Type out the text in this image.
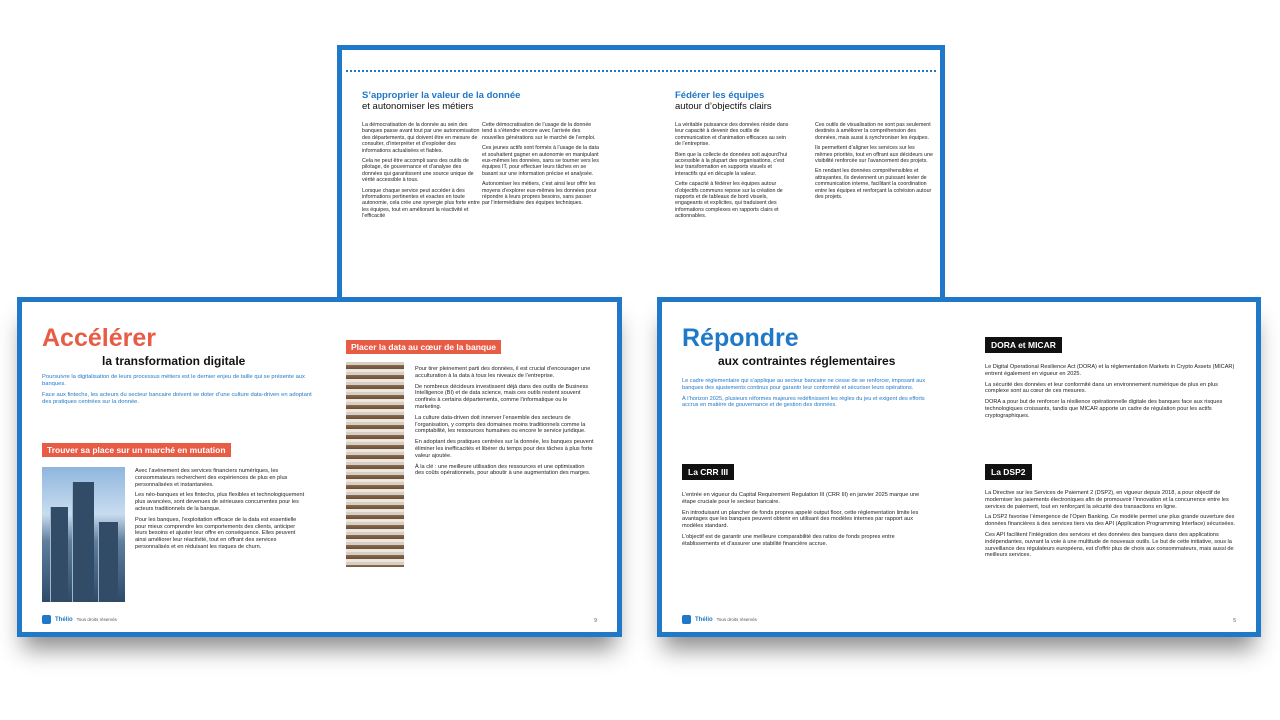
S’approprier la valeur de la donnée
et autonomiser les métiers

La démocratisation de la donnée au sein des banques passe avant tout par une autonomisation des départements, qui doivent être en mesure de consulter, d’interpréter et d’exploiter des informations actualisées et fiables.

Cela ne peut être accompli sans des outils de pilotage, de gouvernance et d’analyse des données qui garantissent une source unique de vérité accessible à tous.

Lorsque chaque service peut accéder à des informations pertinentes et exactes en toute autonomie, cela crée une synergie plus forte entre les équipes, tout en améliorant la réactivité et l’efficacité

Cette démocratisation de l’usage de la donnée tend à s’étendre encore avec l’arrivée des nouvelles générations sur le marché de l’emploi.

Ces jeunes actifs sont formés à l’usage de la data et souhaitent gagner en autonomie en manipulant eux-mêmes les données, sans se tourner vers les équipes IT, pour effectuer leurs tâches en se basant sur une information précise et analysée.

Autonomiser les métiers, c’est ainsi leur offrir les moyens d’explorer eux-mêmes les données pour répondre à leurs propres besoins, sans passer par l’intermédiaire des équipes techniques.

Fédérer les équipes
autour d’objectifs clairs

La véritable puissance des données réside dans leur capacité à devenir des outils de communication et d’animation efficaces au sein de l’entreprise.

Bien que la collecte de données soit aujourd’hui accessible à la plupart des organisations, c’est leur transformation en supports visuels et interactifs qui en décuple la valeur.

Cette capacité à fédérer les équipes autour d’objectifs communs repose sur la création de rapports et de tableaux de bord visuels, engageants et explicites, qui traduisent des informations complexes en rapports clairs et actionnables.

Ces outils de visualisation ne sont pas seulement destinés à améliorer la compréhension des données, mais aussi à synchroniser les équipes.

Ils permettent d’aligner les services sur les mêmes priorités, tout en offrant aux décideurs une visibilité renforcée sur l’avancement des projets.

En rendant les données compréhensibles et attrayantes, ils deviennent un puissant levier de communication interne, facilitant la coordination entre les équipes et renforçant la cohésion autour des projets.

Accélérer
la transformation digitale

Poursuivre la digitalisation de leurs processus métiers est le dernier enjeu de taille qui se présente aux banques.

Face aux fintechs, les acteurs du secteur bancaire doivent se doter d’une culture data-driven en adoptant des pratiques centrées sur la donnée.

Trouver sa place sur un marché en mutation

Avec l’avènement des services financiers numériques, les consommateurs recherchent des expériences de plus en plus personnalisées et instantanées.

Les néo-banques et les fintechs, plus flexibles et technologiquement plus avancées, sont devenues de sérieuses concurrentes pour les acteurs traditionnels de la banque.

Pour les banques, l’exploitation efficace de la data est essentielle pour mieux comprendre les comportements des clients, anticiper leurs besoins et ajuster leur offre en conséquence. Elles peuvent ainsi améliorer leur réactivité, tout en offrant des services personnalisés et en réduisant les risques de churn.

Placer la data au cœur de la banque

Pour tirer pleinement parti des données, il est crucial d’encourager une acculturation à la data à tous les niveaux de l’entreprise.

De nombreux décideurs investissent déjà dans des outils de Business Intelligence (BI) et de data science, mais ces outils restent souvent confinés à certains départements, comme l’informatique ou le marketing.

La culture data-driven doit innerver l’ensemble des secteurs de l’organisation, y compris des domaines moins traditionnels comme la comptabilité, les ressources humaines ou encore le service juridique.

En adoptant des pratiques centrées sur la donnée, les banques peuvent éliminer les inefficacités et libérer du temps pour des tâches à plus forte valeur ajoutée.

À la clé : une meilleure utilisation des ressources et une optimisation des coûts opérationnels, pour aboutir à une augmentation des marges.

Thélio Tous droits réservés	9
Répondre
aux contraintes réglementaires

Le cadre réglementaire qui s’applique au secteur bancaire ne cesse de se renforcer, imposant aux banques des ajustements continus pour garantir leur conformité et sécuriser leurs opérations.

À l’horizon 2025, plusieurs réformes majeures redéfinissent les règles du jeu et exigent des efforts accrus en matière de gouvernance et de gestion des données.

La CRR III

L’entrée en vigueur du Capital Requirement Regulation III (CRR III) en janvier 2025 marque une étape cruciale pour le secteur bancaire.

En introduisant un plancher de fonds propres appelé output floor, cette réglementation limite les avantages que les banques peuvent obtenir en utilisant des modèles internes par rapport aux modèles standard.

L’objectif est de garantir une meilleure comparabilité des ratios de fonds propres entre établissements et d’assurer une stabilité financière accrue.

DORA et MICAR

Le Digital Operational Resilience Act (DORA) et la réglementation Markets in Crypto Assets (MICAR) entrent également en vigueur en 2025.

La sécurité des données et leur conformité dans un environnement numérique de plus en plus complexe sont au cœur de ces mesures.

DORA a pour but de renforcer la résilience opérationnelle digitale des banques face aux risques technologiques croissants, tandis que MICAR apporte un cadre de régulation pour les actifs cryptographiques.

La DSP2

La Directive sur les Services de Paiement 2 (DSP2), en vigueur depuis 2018, a pour objectif de moderniser les paiements électroniques afin de promouvoir l’innovation et la concurrence entre les services de paiement, tout en renforçant la sécurité des transactions en ligne.

La DSP2 favorise l’émergence de l’Open Banking. Ce modèle permet une plus grande ouverture des données financières à des services tiers via des API (Application Programming Interface) sécurisées.

Ces API facilitent l’intégration des services et des données des banques dans des applications indépendantes, ouvrant la voie à une multitude de nouveaux outils. Le but de cette initiative, sous la surveillance des régulateurs européens, est d’offrir plus de choix aux consommateurs, mais aussi de meilleurs services.

Thélio Tous droits réservés	5
